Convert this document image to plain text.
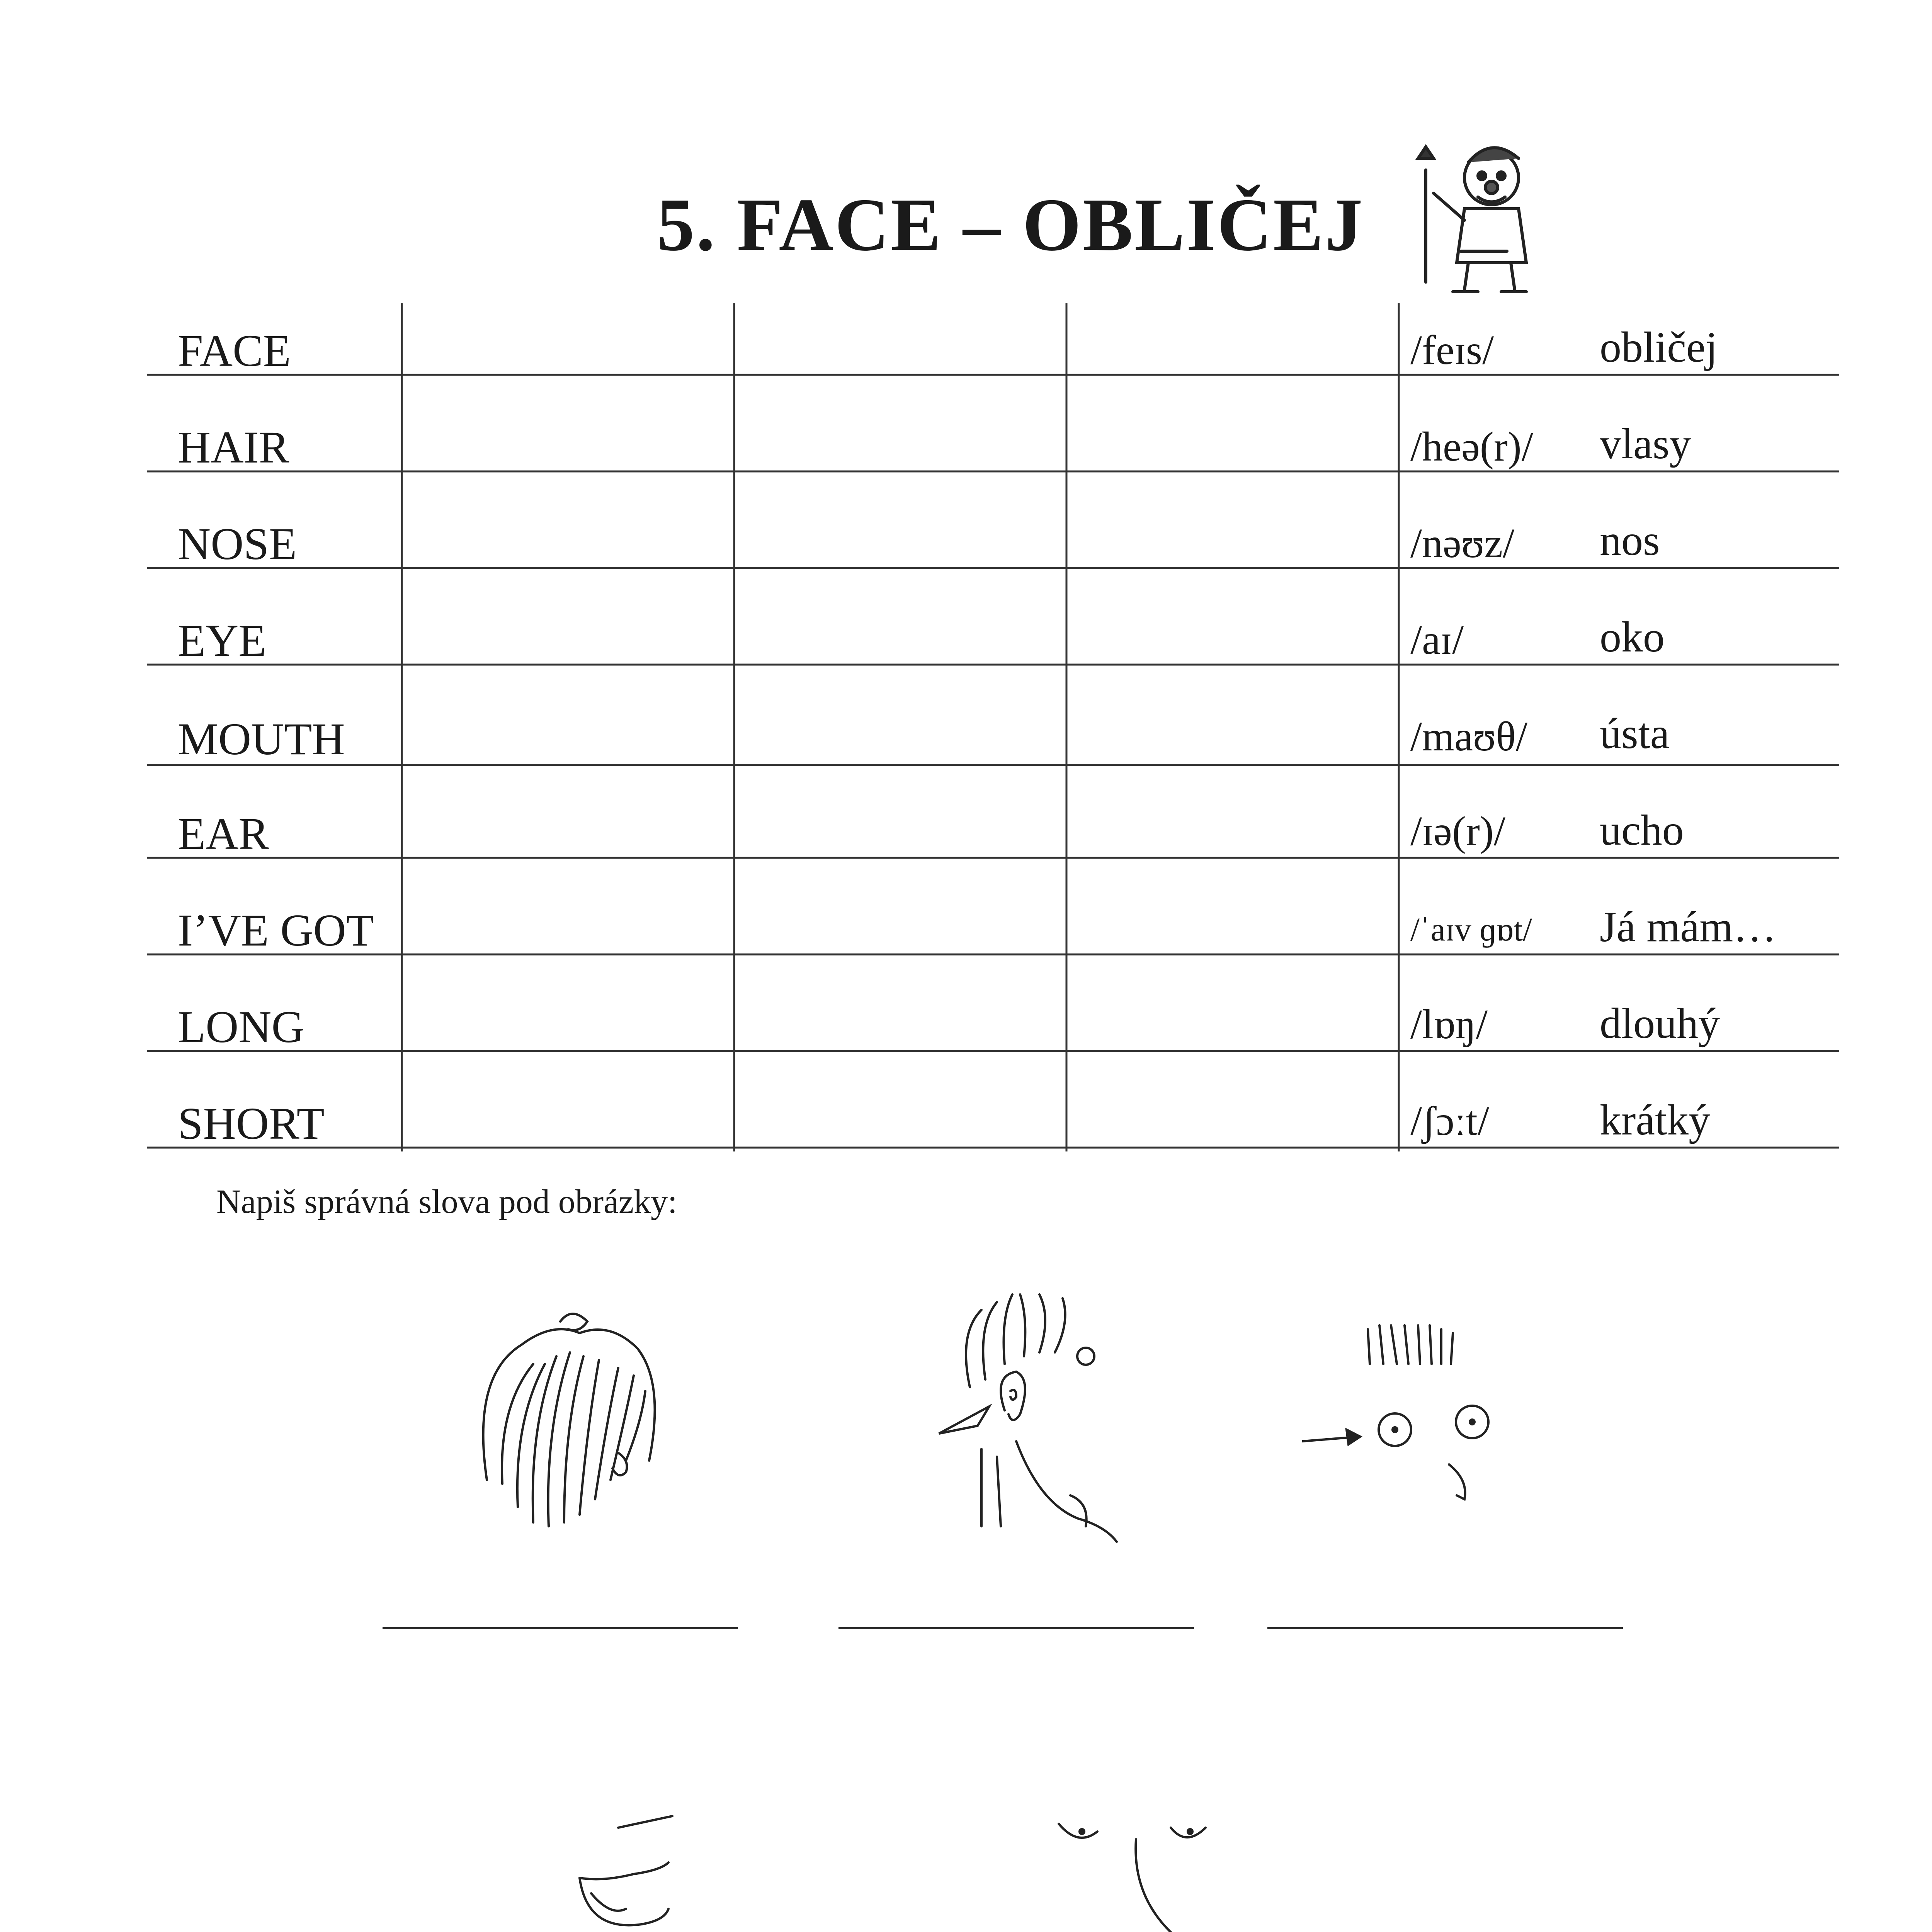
5. FACE – OBLIČEJ
FACE	/feɪs/ obličej
HAIR	/heə(r)/ vlasy
NOSE	/nəʊz/ nos
EYE	/aɪ/	oko
MOUTH	/maʊθ/ ústa
EAR	/ɪə(r)/ ucho
I’VE GOT	/ˈaɪv ɡɒt/ Já mám…
LONG	/lɒŋ/	dlouhý
SHORT	/ʃɔːt/	krátký
Napiš správná slova pod obrázky:
